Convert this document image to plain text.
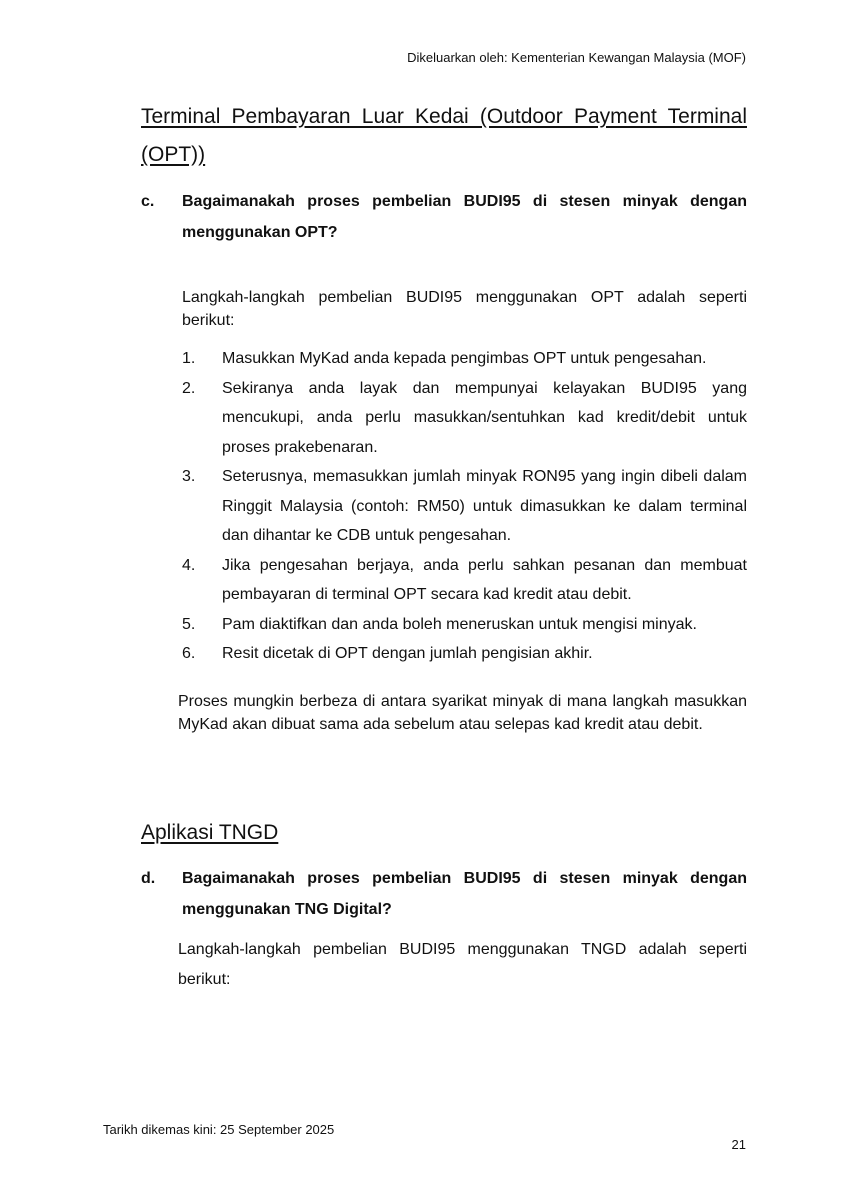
Dikeluarkan oleh: Kementerian Kewangan Malaysia (MOF)
Terminal Pembayaran Luar Kedai (Outdoor Payment Terminal (OPT))
c. Bagaimanakah proses pembelian BUDI95 di stesen minyak dengan menggunakan OPT?
Langkah-langkah pembelian BUDI95 menggunakan OPT adalah seperti berikut:
1. Masukkan MyKad anda kepada pengimbas OPT untuk pengesahan.
2. Sekiranya anda layak dan mempunyai kelayakan BUDI95 yang mencukupi, anda perlu masukkan/sentuhkan kad kredit/debit untuk proses prakebenaran.
3. Seterusnya, memasukkan jumlah minyak RON95 yang ingin dibeli dalam Ringgit Malaysia (contoh: RM50) untuk dimasukkan ke dalam terminal dan dihantar ke CDB untuk pengesahan.
4. Jika pengesahan berjaya, anda perlu sahkan pesanan dan membuat pembayaran di terminal OPT secara kad kredit atau debit.
5. Pam diaktifkan dan anda boleh meneruskan untuk mengisi minyak.
6. Resit dicetak di OPT dengan jumlah pengisian akhir.
Proses mungkin berbeza di antara syarikat minyak di mana langkah masukkan MyKad akan dibuat sama ada sebelum atau selepas kad kredit atau debit.
Aplikasi TNGD
d. Bagaimanakah proses pembelian BUDI95 di stesen minyak dengan menggunakan TNG Digital?
Langkah-langkah pembelian BUDI95 menggunakan TNGD adalah seperti berikut:
Tarikh dikemas kini: 25 September 2025
21
